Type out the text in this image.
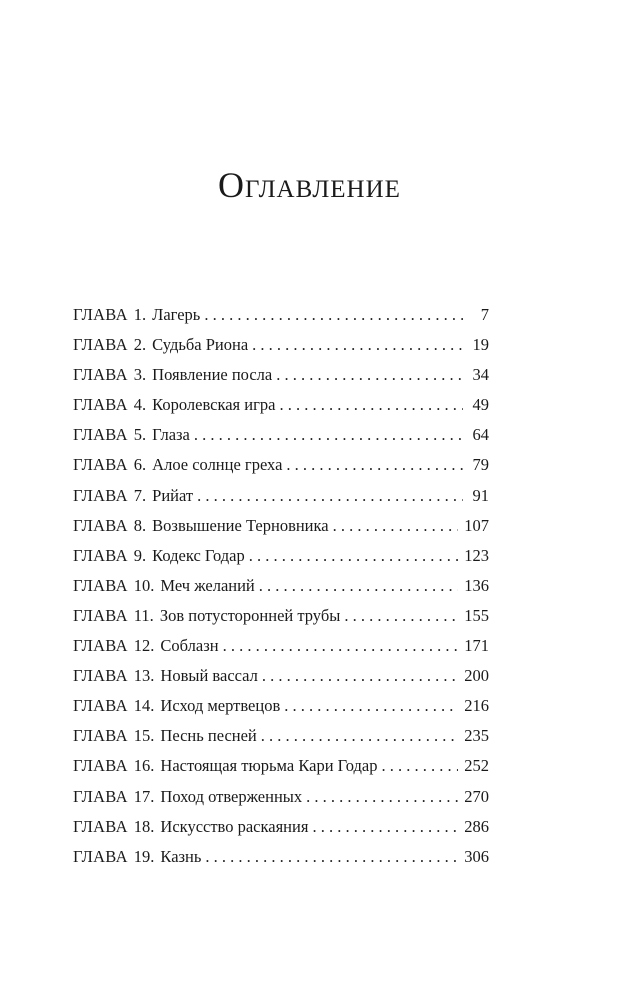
Оглавление
ГЛАВА 1. Лагерь . . .	7
ГЛАВА 2. Судьба Риона . . .	19
ГЛАВА 3. Появление посла . . .	34
ГЛАВА 4. Королевская игра . . .	49
ГЛАВА 5. Глаза . . .	64
ГЛАВА 6. Алое солнце греха . . .	79
ГЛАВА 7. Рийат . . .	91
ГЛАВА 8. Возвышение Терновника . . .	107
ГЛАВА 9. Кодекс Годар . . .	123
ГЛАВА 10. Меч желаний . . .	136
ГЛАВА 11. Зов потусторонней трубы . . .	155
ГЛАВА 12. Соблазн . . .	171
ГЛАВА 13. Новый вассал . . .	200
ГЛАВА 14. Исход мертвецов . . .	216
ГЛАВА 15. Песнь песней . . .	235
ГЛАВА 16. Настоящая тюрьма Кари Годар . . .	252
ГЛАВА 17. Поход отверженных . . .	270
ГЛАВА 18. Искусство раскаяния . . .	286
ГЛАВА 19. Казнь . . .	306
